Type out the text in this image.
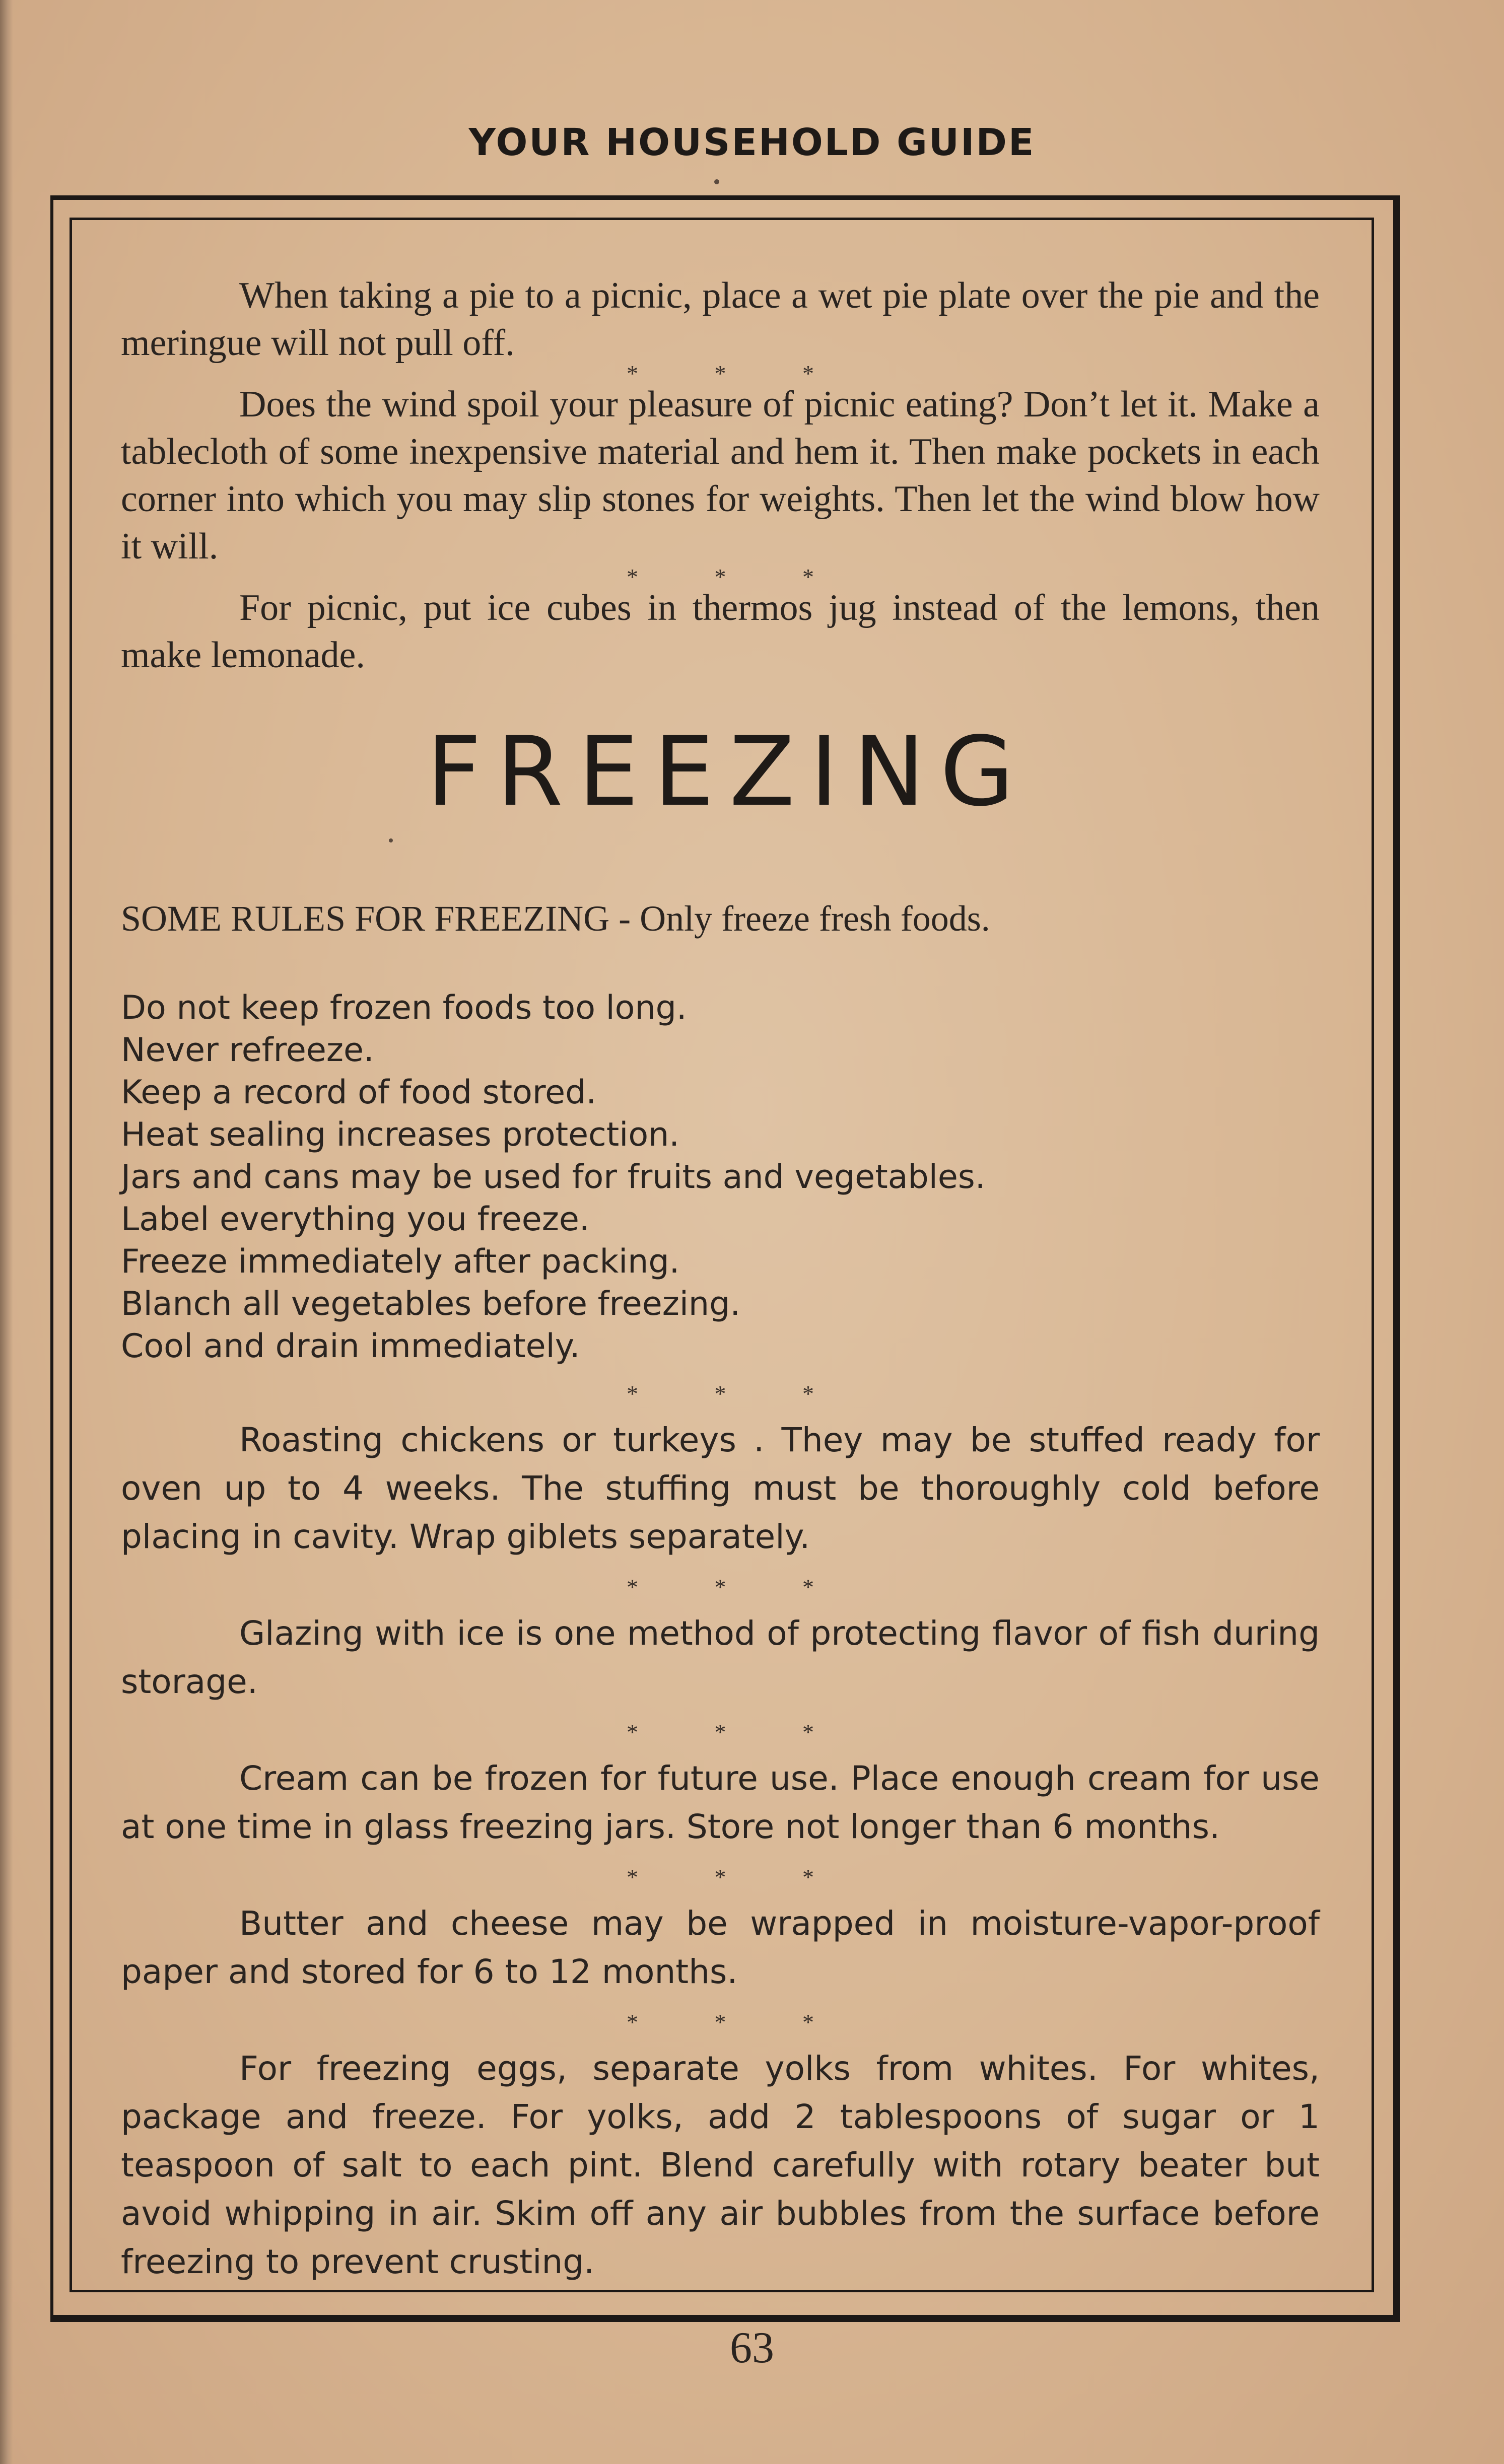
YOUR HOUSEHOLD GUIDE

When taking a pie to a picnic, place a wet pie plate over the pie and the meringue will not pull off.

* * *

Does the wind spoil your pleasure of picnic eating? Don’t let it. Make a tablecloth of some inexpensive material and hem it. Then make pockets in each corner into which you may slip stones for weights. Then let the wind blow how it will.

* * *

For picnic, put ice cubes in thermos jug instead of the lemons, then make lemonade.

FREEZING

SOME RULES FOR FREEZING - Only freeze fresh foods.

Do not keep frozen foods too long.
Never refreeze.
Keep a record of food stored.
Heat sealing increases protection.
Jars and cans may be used for fruits and vegetables.
Label everything you freeze.
Freeze immediately after packing.
Blanch all vegetables before freezing.
Cool and drain immediately.
* * *

Roasting chickens or turkeys . They may be stuffed ready for oven up to 4 weeks. The stuffing must be thoroughly cold before placing in cavity. Wrap giblets separately.

* * *

Glazing with ice is one method of protecting flavor of fish during storage.

* * *

Cream can be frozen for future use. Place enough cream for use at one time in glass freezing jars. Store not longer than 6 months.

* * *

Butter and cheese may be wrapped in moisture-vapor-proof paper and stored for 6 to 12 months.

* * *

For freezing eggs, separate yolks from whites. For whites, package and freeze. For yolks, add 2 tablespoons of sugar or 1 teaspoon of salt to each pint. Blend carefully with rotary beater but avoid whipping in air. Skim off any air bubbles from the surface before freezing to prevent crusting.

63
